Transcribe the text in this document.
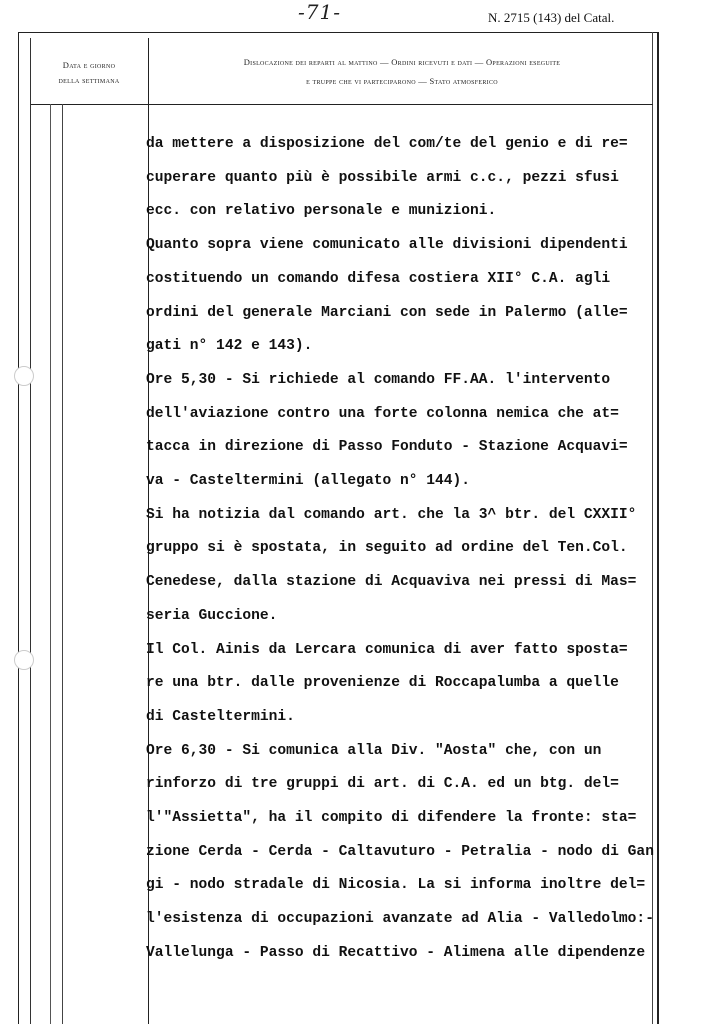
-71-	N. 2715 (143) del Catal.
Data e giorno
della settimana
Dislocazione dei reparti al mattino — Ordini ricevuti e dati — Operazioni eseguite
e truppe che vi parteciparono — Stato atmosferico
da mettere a disposizione del com/te del genio e di re=
cuperare quanto più è possibile armi c.c., pezzi sfusi
ecc. con relativo personale e munizioni.
Quanto sopra viene comunicato alle divisioni dipendenti
costituendo un comando difesa costiera XII° C.A. agli
ordini del generale Marciani con sede in Palermo (alle=
gati n° 142 e 143).
Ore 5,30 - Si richiede al comando FF.AA. l'intervento
dell'aviazione contro una forte colonna nemica che at=
tacca in direzione di Passo Fonduto - Stazione Acquavi=
va - Casteltermini (allegato n° 144).
Si ha notizia dal comando art. che la 3^ btr. del CXXII°
gruppo si è spostata, in seguito ad ordine del Ten.Col.
Cenedese, dalla stazione di Acquaviva nei pressi di Mas=
seria Guccione.
Il Col. Ainis da Lercara comunica di aver fatto sposta=
re una btr. dalle provenienze di Roccapalumba a quelle
di Casteltermini.
Ore 6,30 - Si comunica alla Div. "Aosta" che, con un
rinforzo di tre gruppi di art. di C.A. ed un btg. del=
l'"Assietta", ha il compito di difendere la fronte: sta=
zione Cerda - Cerda - Caltavuturo - Petralia - nodo di Gan
gi - nodo stradale di Nicosia. La si informa inoltre del=
l'esistenza di occupazioni avanzate ad Alia - Valledolmo:-
Vallelunga - Passo di Recattivo - Alimena alle dipendenze
